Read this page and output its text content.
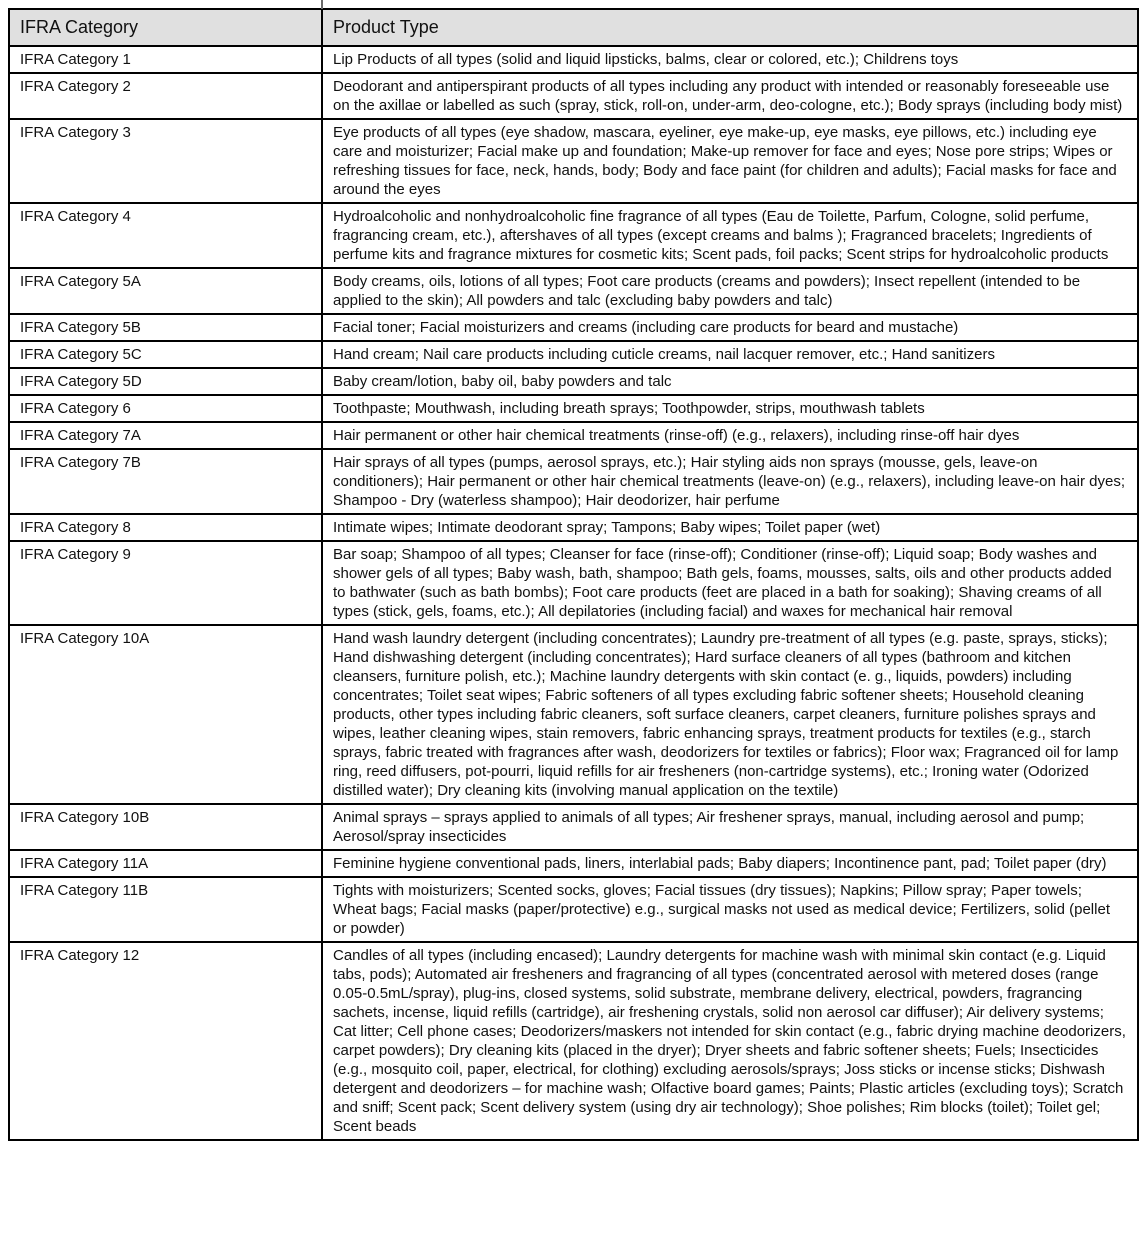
IFRA Category	Product Type
IFRA Category 1	Lip Products of all types (solid and liquid lipsticks, balms, clear or colored, etc.); Childrens toys
IFRA Category 2	Deodorant and antiperspirant products of all types including any product with intended or reasonably foreseeable use on the axillae or labelled as such (spray, stick, roll-on, under-arm, deo-cologne, etc.); Body sprays (including body mist)
IFRA Category 3	Eye products of all types (eye shadow, mascara, eyeliner, eye make-up, eye masks, eye pillows, etc.) including eye care and moisturizer; Facial make up and foundation; Make-up remover for face and eyes; Nose pore strips; Wipes or refreshing tissues for face, neck, hands, body; Body and face paint (for children and adults); Facial masks for face and around the eyes
IFRA Category 4	Hydroalcoholic and nonhydroalcoholic fine fragrance of all types (Eau de Toilette, Parfum, Cologne, solid perfume, fragrancing cream, etc.), aftershaves of all types (except creams and balms ); Fragranced bracelets; Ingredients of perfume kits and fragrance mixtures for cosmetic kits; Scent pads, foil packs; Scent strips for hydroalcoholic products
IFRA Category 5A	Body creams, oils, lotions of all types; Foot care products (creams and powders); Insect repellent (intended to be applied to the skin); All powders and talc (excluding baby powders and talc)
IFRA Category 5B	Facial toner; Facial moisturizers and creams (including care products for beard and mustache)
IFRA Category 5C	Hand cream; Nail care products including cuticle creams, nail lacquer remover, etc.; Hand sanitizers
IFRA Category 5D	Baby cream/lotion, baby oil, baby powders and talc
IFRA Category 6	Toothpaste; Mouthwash, including breath sprays; Toothpowder, strips, mouthwash tablets
IFRA Category 7A	Hair permanent or other hair chemical treatments (rinse-off) (e.g., relaxers), including rinse-off hair dyes
IFRA Category 7B	Hair sprays of all types (pumps, aerosol sprays, etc.); Hair styling aids non sprays (mousse, gels, leave-on conditioners); Hair permanent or other hair chemical treatments (leave-on) (e.g., relaxers), including leave-on hair dyes; Shampoo - Dry (waterless shampoo); Hair deodorizer, hair perfume
IFRA Category 8	Intimate wipes; Intimate deodorant spray; Tampons; Baby wipes; Toilet paper (wet)
IFRA Category 9	Bar soap; Shampoo of all types; Cleanser for face (rinse-off); Conditioner (rinse-off); Liquid soap; Body washes and shower gels of all types; Baby wash, bath, shampoo; Bath gels, foams, mousses, salts, oils and other products added to bathwater (such as bath bombs); Foot care products (feet are placed in a bath for soaking); Shaving creams of all types (stick, gels, foams, etc.); All depilatories (including facial) and waxes for mechanical hair removal
IFRA Category 10A	Hand wash laundry detergent (including concentrates); Laundry pre-treatment of all types (e.g. paste, sprays, sticks); Hand dishwashing detergent (including concentrates); Hard surface cleaners of all types (bathroom and kitchen cleansers, furniture polish, etc.); Machine laundry detergents with skin contact (e. g., liquids, powders) including concentrates; Toilet seat wipes; Fabric softeners of all types excluding fabric softener sheets; Household cleaning products, other types including fabric cleaners, soft surface cleaners, carpet cleaners, furniture polishes sprays and wipes, leather cleaning wipes, stain removers, fabric enhancing sprays, treatment products for textiles (e.g., starch sprays, fabric treated with fragrances after wash, deodorizers for textiles or fabrics); Floor wax; Fragranced oil for lamp ring, reed diffusers, pot-pourri, liquid refills for air fresheners (non-cartridge systems), etc.; Ironing water (Odorized distilled water); Dry cleaning kits (involving manual application on the textile)
IFRA Category 10B	Animal sprays – sprays applied to animals of all types; Air freshener sprays, manual, including aerosol and pump; Aerosol/spray insecticides
IFRA Category 11A	Feminine hygiene conventional pads, liners, interlabial pads; Baby diapers; Incontinence pant, pad; Toilet paper (dry)
IFRA Category 11B	Tights with moisturizers; Scented socks, gloves; Facial tissues (dry tissues); Napkins; Pillow spray; Paper towels; Wheat bags; Facial masks (paper/protective) e.g., surgical masks not used as medical device; Fertilizers, solid (pellet or powder)
IFRA Category 12	Candles of all types (including encased); Laundry detergents for machine wash with minimal skin contact (e.g. Liquid tabs, pods); Automated air fresheners and fragrancing of all types (concentrated aerosol with metered doses (range 0.05-0.5mL/spray), plug-ins, closed systems, solid substrate, membrane delivery, electrical, powders, fragrancing sachets, incense, liquid refills (cartridge), air freshening crystals, solid non aerosol car diffuser); Air delivery systems; Cat litter; Cell phone cases; Deodorizers/maskers not intended for skin contact (e.g., fabric drying machine deodorizers, carpet powders); Dry cleaning kits (placed in the dryer); Dryer sheets and fabric softener sheets; Fuels; Insecticides (e.g., mosquito coil, paper, electrical, for clothing) excluding aerosols/sprays; Joss sticks or incense sticks; Dishwash detergent and deodorizers – for machine wash; Olfactive board games; Paints; Plastic articles (excluding toys); Scratch and sniff; Scent pack; Scent delivery system (using dry air technology); Shoe polishes; Rim blocks (toilet); Toilet gel; Scent beads
